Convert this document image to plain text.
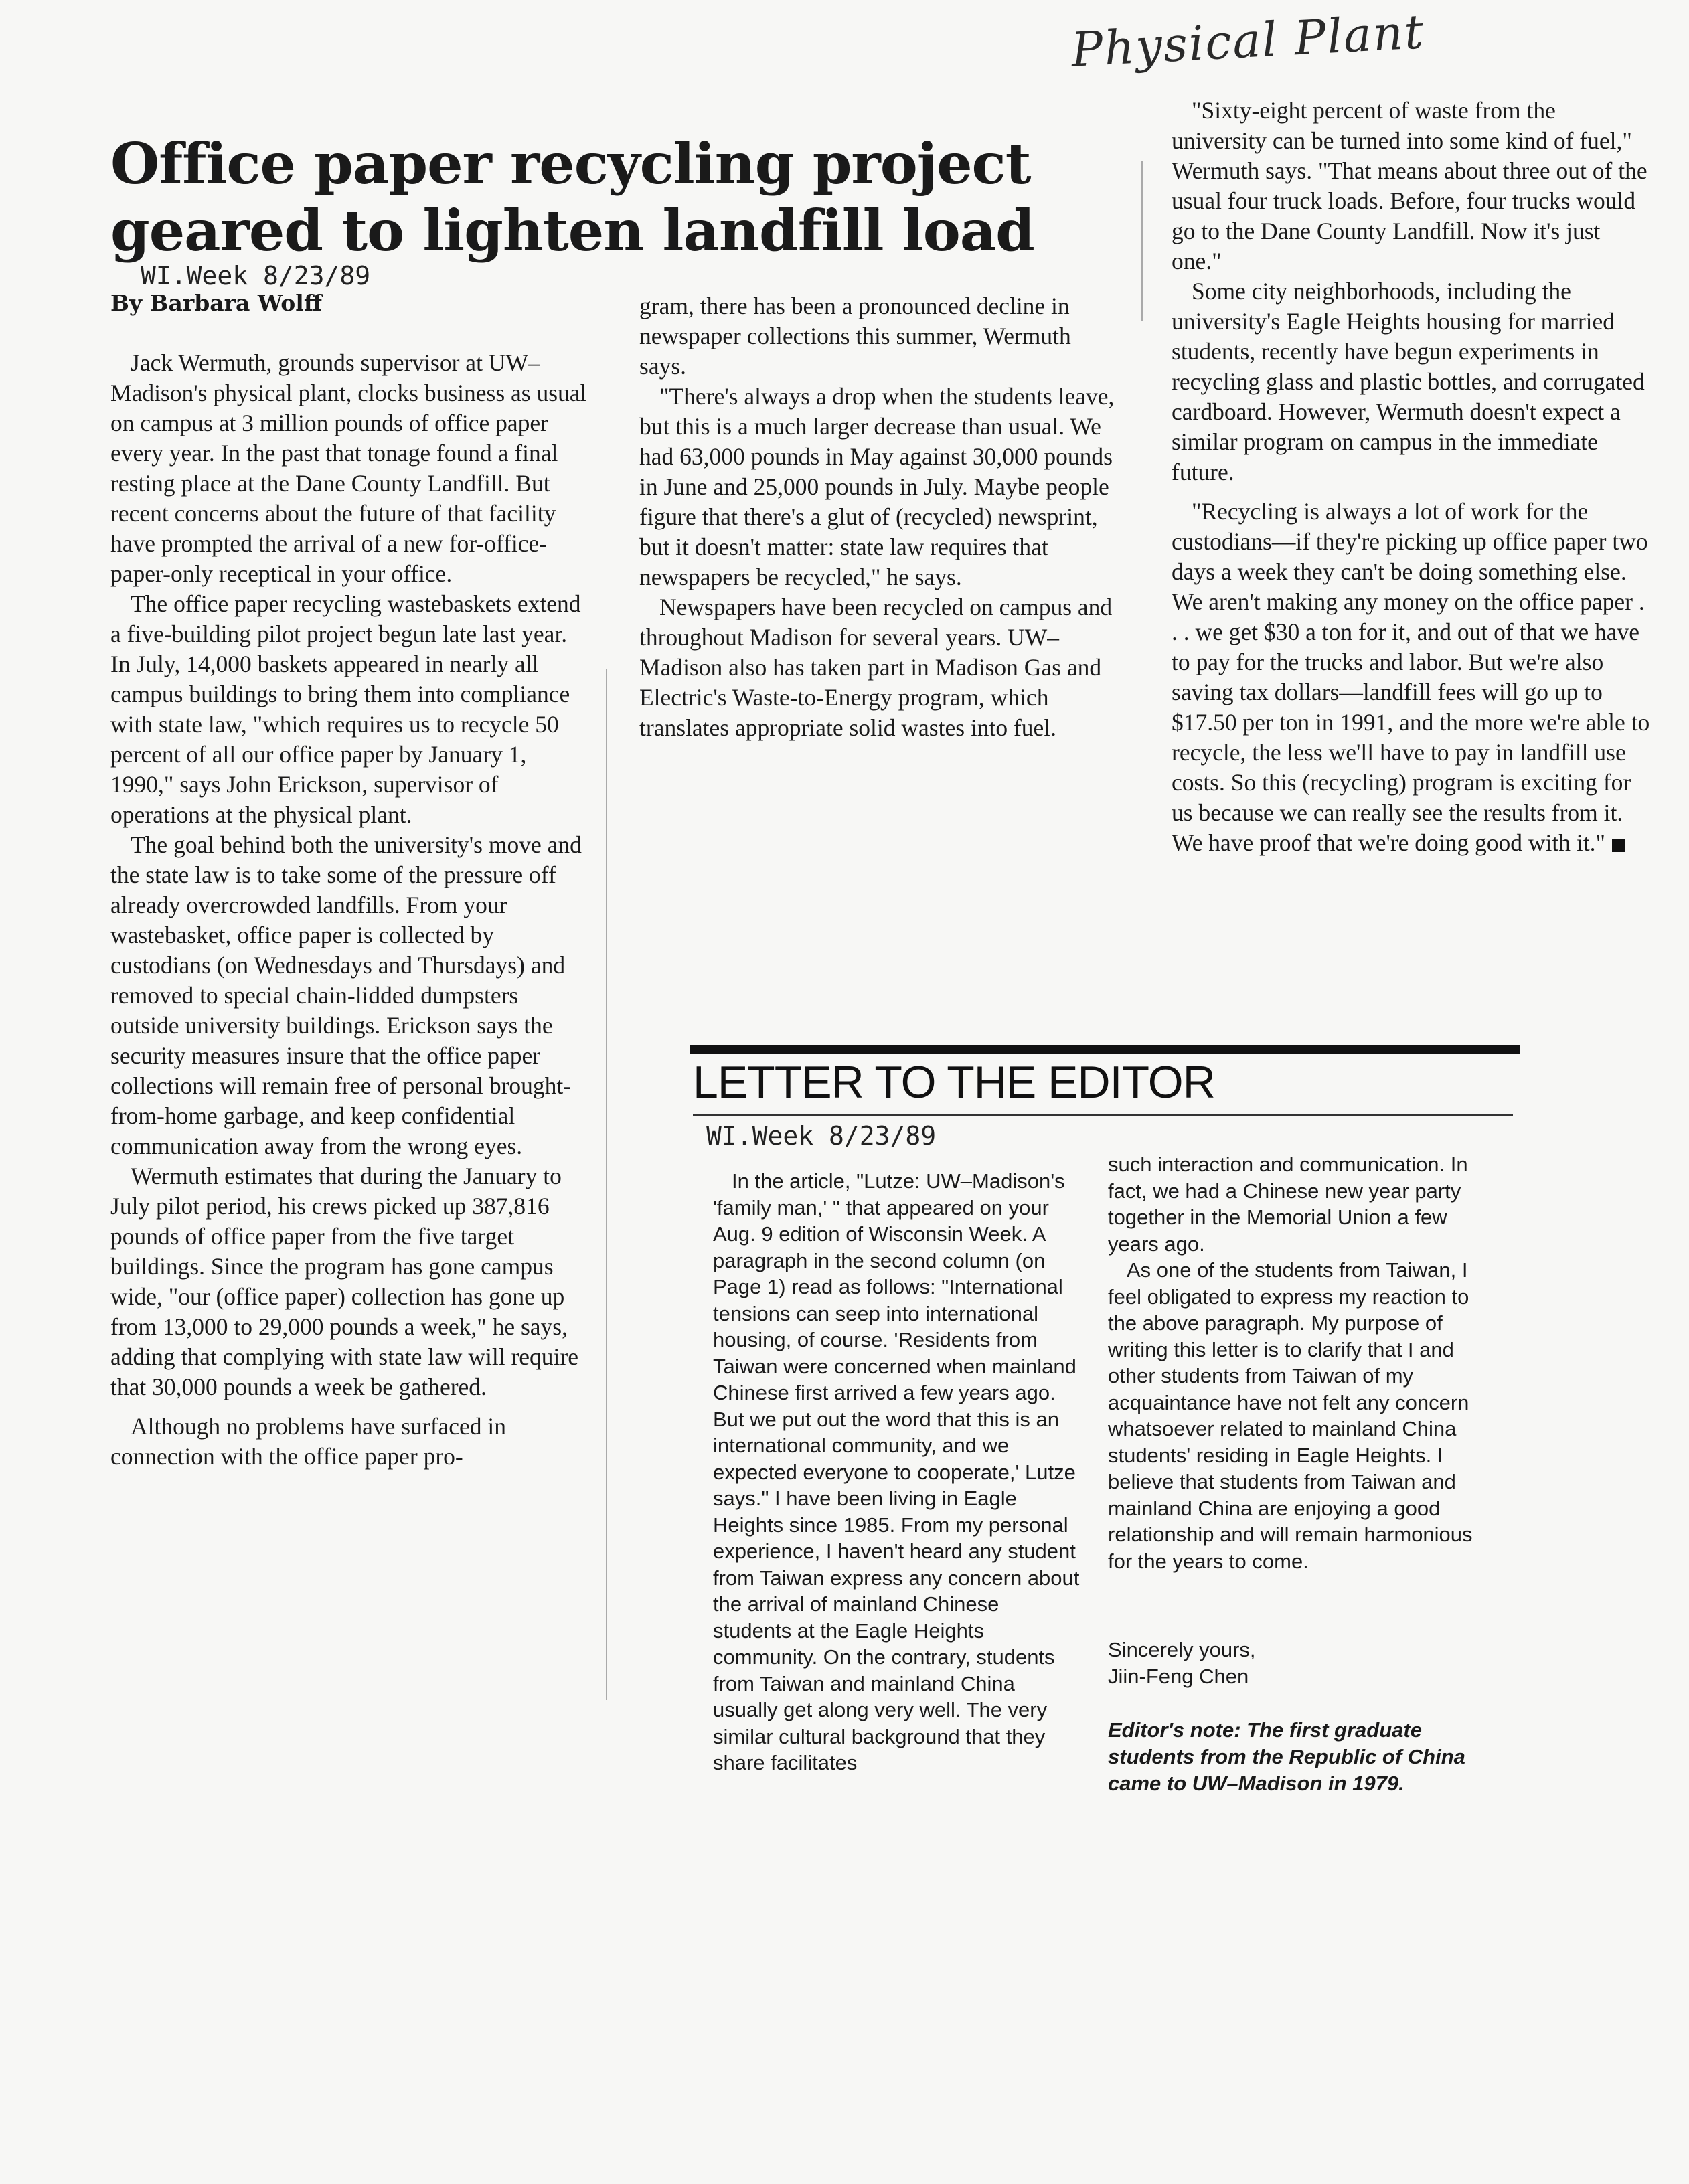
Physical Plant
Office paper recycling project
geared to lighten landfill load
WI.Week 8/23/89
By Barbara Wolff

Jack Wermuth, grounds supervisor at UW–Madison's physical plant, clocks business as usual on campus at 3 million pounds of office paper every year. In the past that tonage found a final resting place at the Dane County Landfill. But recent concerns about the future of that facility have prompted the arrival of a new for-office-paper-only receptical in your office.

The office paper recycling wastebaskets extend a five-building pilot project begun late last year. In July, 14,000 baskets appeared in nearly all campus buildings to bring them into compliance with state law, "which requires us to recycle 50 percent of all our office paper by January 1, 1990," says John Erickson, supervisor of operations at the physical plant.

The goal behind both the university's move and the state law is to take some of the pressure off already overcrowded landfills. From your wastebasket, office paper is collected by custodians (on Wednesdays and Thursdays) and removed to special chain-lidded dumpsters outside university buildings. Erickson says the security measures insure that the office paper collections will remain free of personal brought-from-home garbage, and keep confidential communication away from the wrong eyes.

Wermuth estimates that during the January to July pilot period, his crews picked up 387,816 pounds of office paper from the five target buildings. Since the program has gone campus wide, "our (office paper) collection has gone up from 13,000 to 29,000 pounds a week," he says, adding that complying with state law will require that 30,000 pounds a week be gathered.

Although no problems have surfaced in connection with the office paper pro-

gram, there has been a pronounced decline in newspaper collections this summer, Wermuth says.

"There's always a drop when the students leave, but this is a much larger decrease than usual. We had 63,000 pounds in May against 30,000 pounds in June and 25,000 pounds in July. Maybe people figure that there's a glut of (recycled) newsprint, but it doesn't matter: state law requires that newspapers be recycled," he says.

Newspapers have been recycled on campus and throughout Madison for several years. UW–Madison also has taken part in Madison Gas and Electric's Waste-to-Energy program, which translates appropriate solid wastes into fuel.

"Sixty-eight percent of waste from the university can be turned into some kind of fuel," Wermuth says. "That means about three out of the usual four truck loads. Before, four trucks would go to the Dane County Landfill. Now it's just one."

Some city neighborhoods, including the university's Eagle Heights housing for married students, recently have begun experiments in recycling glass and plastic bottles, and corrugated cardboard. However, Wermuth doesn't expect a similar program on campus in the immediate future.

"Recycling is always a lot of work for the custodians—if they're picking up office paper two days a week they can't be doing something else. We aren't making any money on the office paper . . . we get $30 a ton for it, and out of that we have to pay for the trucks and labor. But we're also saving tax dollars—landfill fees will go up to $17.50 per ton in 1991, and the more we're able to recycle, the less we'll have to pay in landfill use costs. So this (recycling) program is exciting for us because we can really see the results from it. We have proof that we're doing good with it."

LETTER TO THE EDITOR
WI.Week 8/23/89

In the article, "Lutze: UW–Madison's 'family man,' " that appeared on your Aug. 9 edition of Wisconsin Week. A paragraph in the second column (on Page 1) read as follows: "International tensions can seep into international housing, of course. 'Residents from Taiwan were concerned when mainland Chinese first arrived a few years ago. But we put out the word that this is an international community, and we expected everyone to cooperate,' Lutze says." I have been living in Eagle Heights since 1985. From my personal experience, I haven't heard any student from Taiwan express any concern about the arrival of mainland Chinese students at the Eagle Heights community. On the contrary, students from Taiwan and mainland China usually get along very well. The very similar cultural background that they share facilitates

such interaction and communication. In fact, we had a Chinese new year party together in the Memorial Union a few years ago.

As one of the students from Taiwan, I feel obligated to express my reaction to the above paragraph. My purpose of writing this letter is to clarify that I and other students from Taiwan of my acquaintance have not felt any concern whatsoever related to mainland China students' residing in Eagle Heights. I believe that students from Taiwan and mainland China are enjoying a good relationship and will remain harmonious for the years to come.

Sincerely yours,
Jiin-Feng Chen
Editor's note: The first graduate students from the Republic of China came to UW–Madison in 1979.
